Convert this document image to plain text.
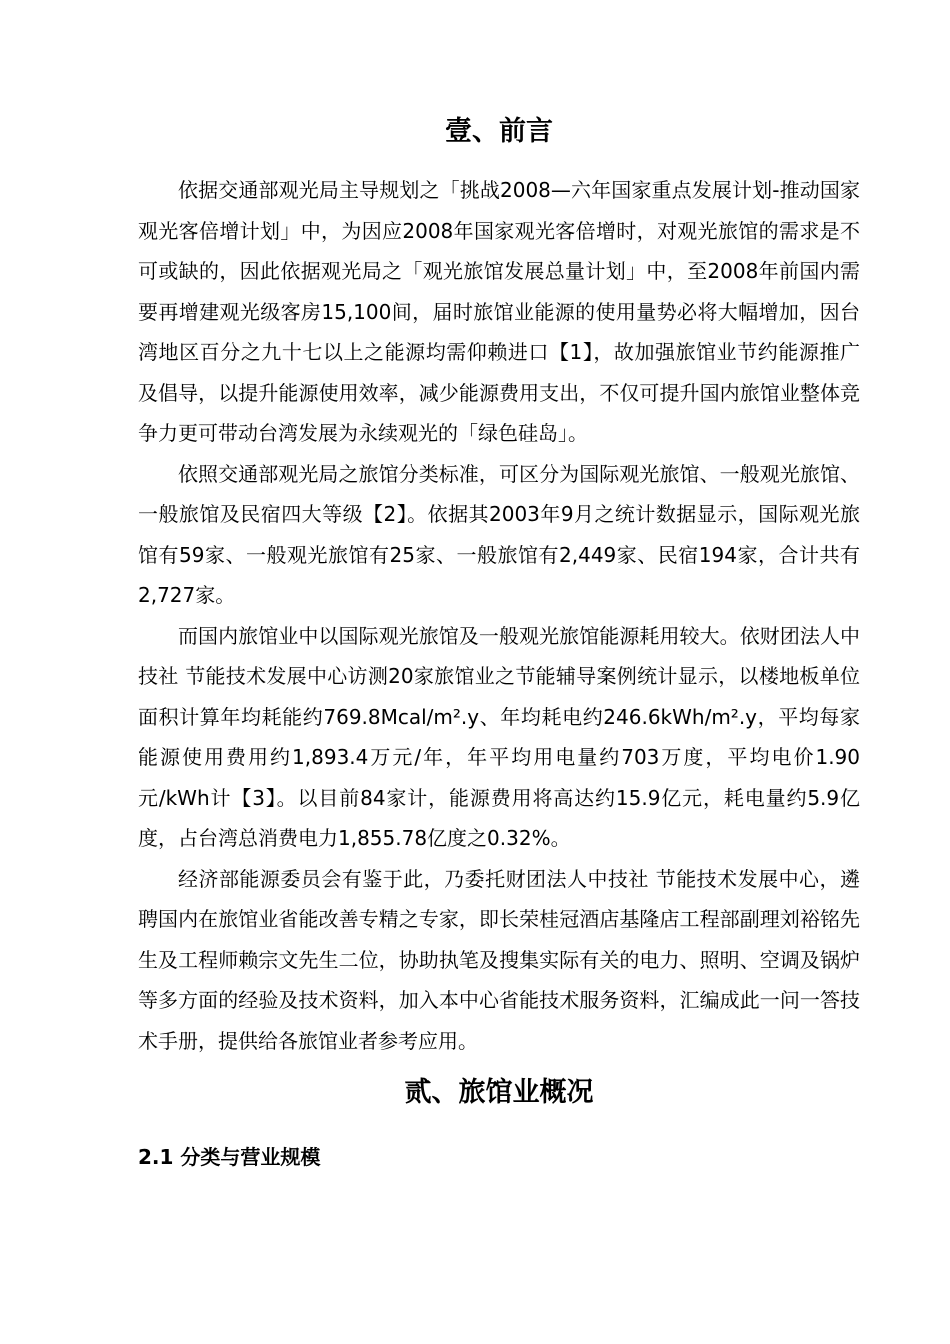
壹、前言

依据交通部观光局主导规划之「挑战2008—六年国家重点发展计划-推动国家观光客倍增计划」中，为因应2008年国家观光客倍增时，对观光旅馆的需求是不可或缺的，因此依据观光局之「观光旅馆发展总量计划」中，至2008年前国内需要再增建观光级客房15,100间，届时旅馆业能源的使用量势必将大幅增加，因台湾地区百分之九十七以上之能源均需仰赖进口【1】，故加强旅馆业节约能源推广及倡导，以提升能源使用效率，减少能源费用支出，不仅可提升国内旅馆业整体竞争力更可带动台湾发展为永续观光的「绿色硅岛」。

依照交通部观光局之旅馆分类标准，可区分为国际观光旅馆、一般观光旅馆、一般旅馆及民宿四大等级【2】。依据其2003年9月之统计数据显示，国际观光旅馆有59家、一般观光旅馆有25家、一般旅馆有2,449家、民宿194家，合计共有2,727家。

而国内旅馆业中以国际观光旅馆及一般观光旅馆能源耗用较大。依财团法人中技社 节能技术发展中心访测20家旅馆业之节能辅导案例统计显示，以楼地板单位面积计算年均耗能约769.8Mcal/m².y、年均耗电约246.6kWh/m².y，平均每家能源使用费用约1,893.4万元/年，年平均用电量约703万度，平均电价1.90元/kWh计【3】。以目前84家计，能源费用将高达约15.9亿元，耗电量约5.9亿度，占台湾总消费电力1,855.78亿度之0.32%。

经济部能源委员会有鉴于此，乃委托财团法人中技社 节能技术发展中心，遴聘国内在旅馆业省能改善专精之专家，即长荣桂冠酒店基隆店工程部副理刘裕铭先生及工程师赖宗文先生二位，协助执笔及搜集实际有关的电力、照明、空调及锅炉等多方面的经验及技术资料，加入本中心省能技术服务资料，汇编成此一问一答技术手册，提供给各旅馆业者参考应用。

贰、旅馆业概况
2.1 分类与营业规模
